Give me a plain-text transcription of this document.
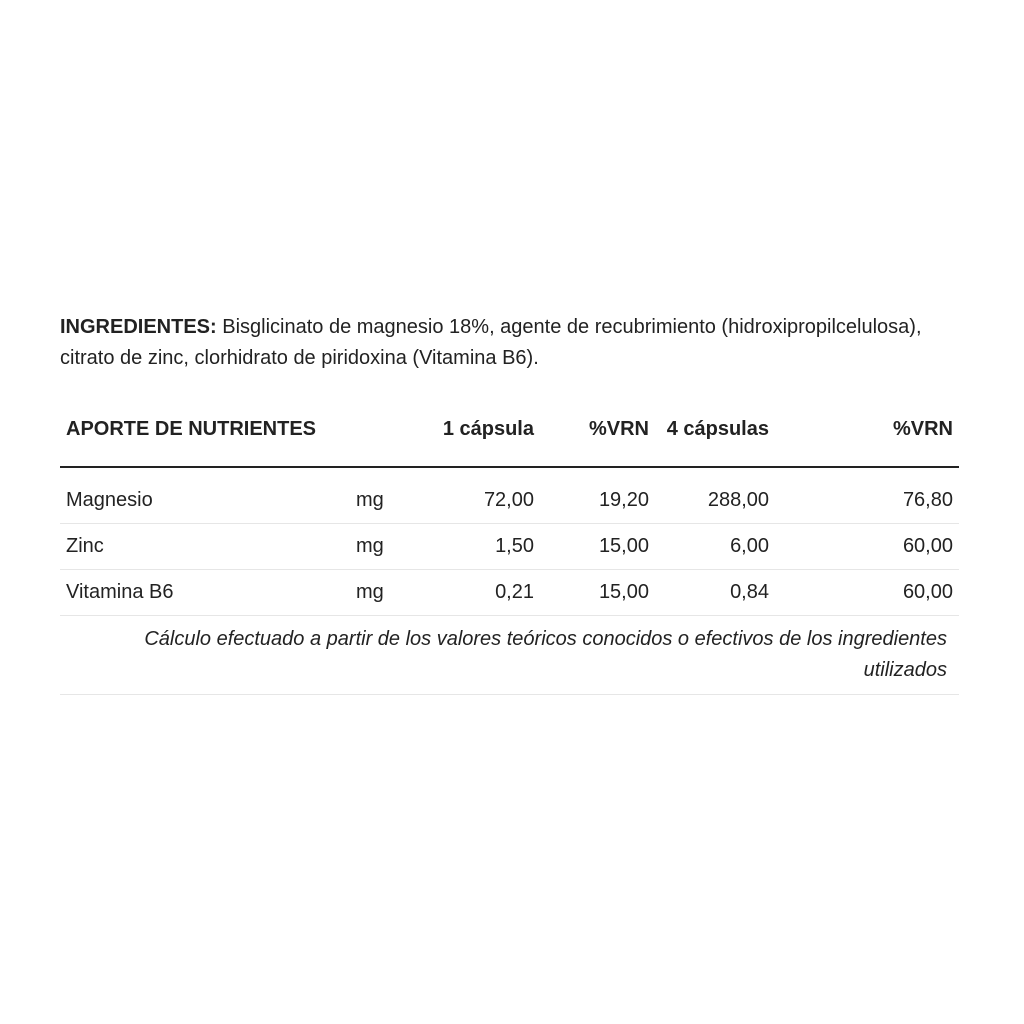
INGREDIENTES: Bisglicinato de magnesio 18%, agente de recubrimiento (hidroxipropilcelulosa), citrato de zinc, clorhidrato de piridoxina (Vitamina B6).

APORTE DE NUTRIENTES		1 cápsula	%VRN	4 cápsulas	%VRN
Magnesio	mg	72,00	19,20	288,00	76,80
Zinc	mg	1,50	15,00	6,00	60,00
Vitamina B6	mg	0,21	15,00	0,84	60,00
Cálculo efectuado a partir de los valores teóricos conocidos o efectivos de los ingredientes utilizados					
